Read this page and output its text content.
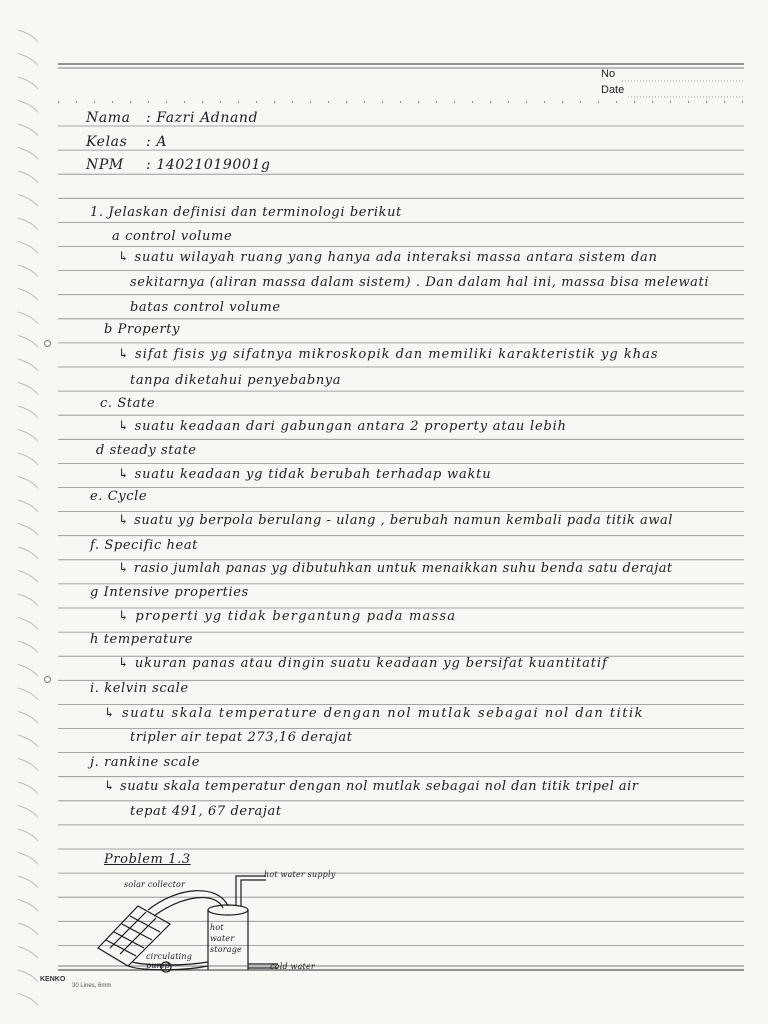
No
Date
Nama : Fazri Adnand
Kelas : A
NPM : 14021019001g
1. Jelaskan definisi dan terminologi berikut
a control volume
↳ suatu wilayah ruang yang hanya ada interaksi massa antara sistem dan
sekitarnya (aliran massa dalam sistem) . Dan dalam hal ini, massa bisa melewati
batas control volume
b Property
↳ sifat fisis yg sifatnya mikroskopik dan memiliki karakteristik yg khas
tanpa diketahui penyebabnya
c. State
↳ suatu keadaan dari gabungan antara 2 property atau lebih
d steady state
↳ suatu keadaan yg tidak berubah terhadap waktu
e. Cycle
↳ suatu yg berpola berulang - ulang , berubah namun kembali pada titik awal
f. Specific heat
↳ rasio jumlah panas yg dibutuhkan untuk menaikkan suhu benda satu derajat
g Intensive properties
↳ properti yg tidak bergantung pada massa
h temperature
↳ ukuran panas atau dingin suatu keadaan yg bersifat kuantitatif
i. kelvin scale
↳ suatu skala temperature dengan nol mutlak sebagai nol dan titik
tripler air tepat 273,16 derajat
j. rankine scale
↳ suatu skala temperatur dengan nol mutlak sebagai nol dan titik tripel air
tepat 491, 67 derajat
Problem 1.3
solar collector
hot water supply
circulating pump
hot water storage
cold water
KENKO
30 Lines, 6mm
